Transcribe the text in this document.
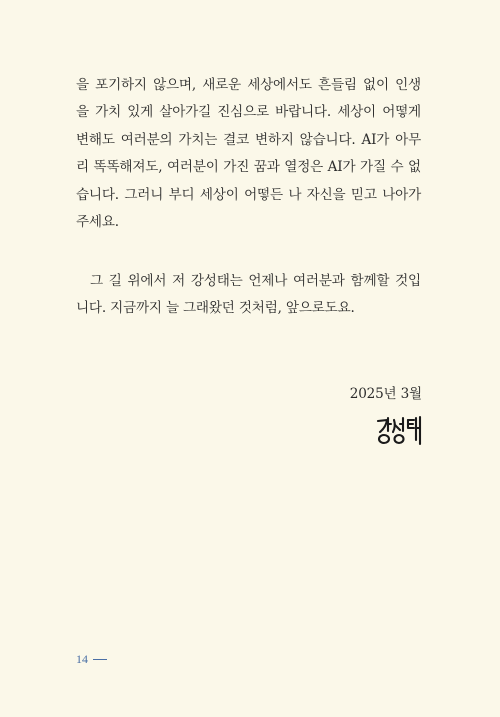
을 포기하지 않으며, 새로운 세상에서도 흔들림 없이 인생
을 가치 있게 살아가길 진심으로 바랍니다. 세상이 어떻게
변해도 여러분의 가치는 결코 변하지 않습니다. AI가 아무
리 똑똑해져도, 여러분이 가진 꿈과 열정은 AI가 가질 수 없
습니다. 그러니 부디 세상이 어떻든 나 자신을 믿고 나아가
주세요.
그 길 위에서 저 강성태는 언제나 여러분과 함께할 것입
니다. 지금까지 늘 그래왔던 것처럼, 앞으로도요.
2025년 3월
14
